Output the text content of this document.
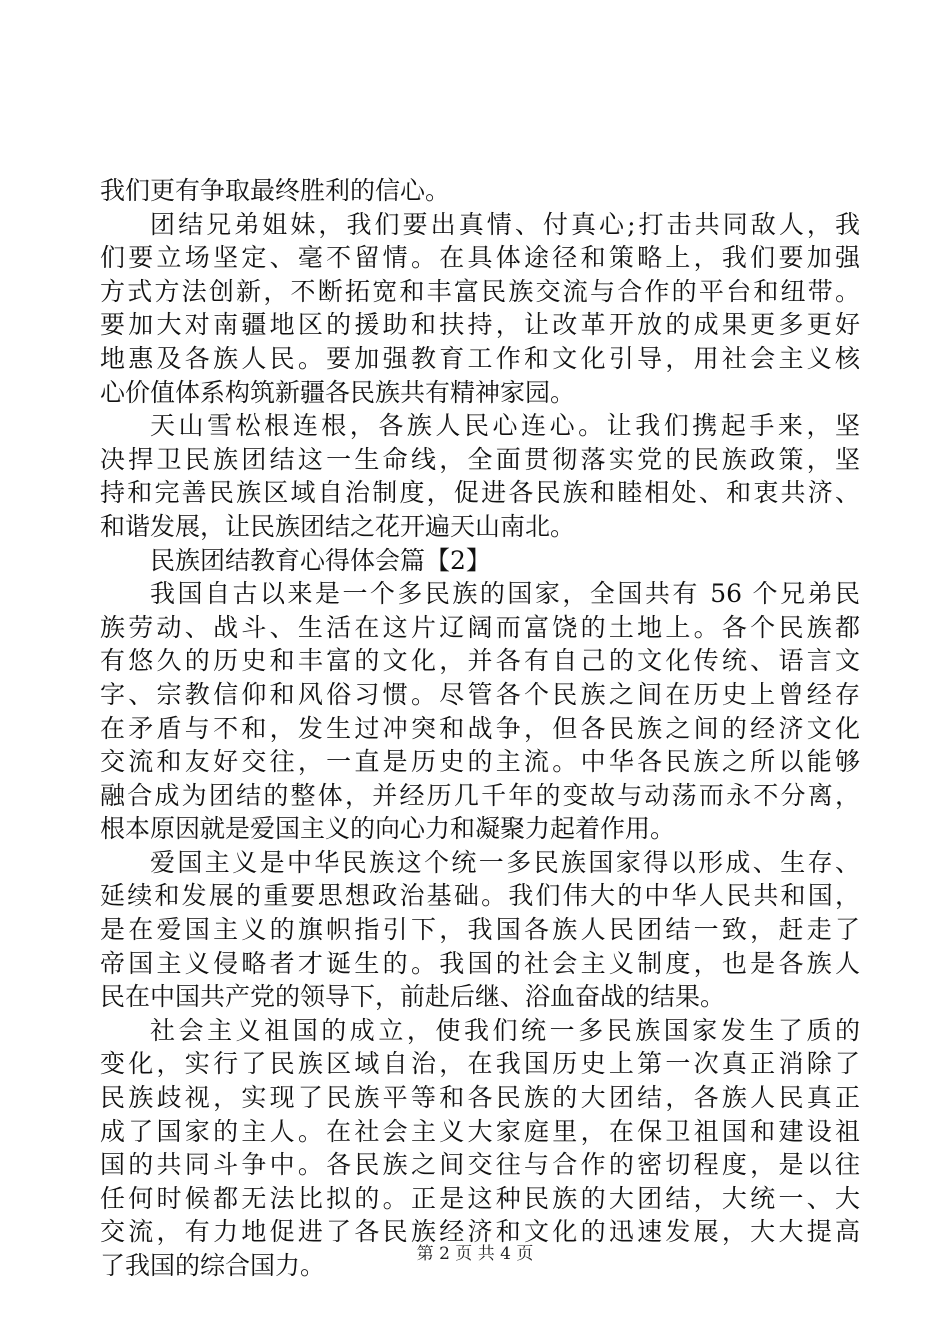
我们更有争取最终胜利的信心。
团结兄弟姐妹，我们要出真情、付真心;打击共同敌人，我
们要立场坚定、毫不留情。在具体途径和策略上，我们要加强
方式方法创新，不断拓宽和丰富民族交流与合作的平台和纽带。
要加大对南疆地区的援助和扶持，让改革开放的成果更多更好
地惠及各族人民。要加强教育工作和文化引导，用社会主义核
心价值体系构筑新疆各民族共有精神家园。
天山雪松根连根，各族人民心连心。让我们携起手来，坚
决捍卫民族团结这一生命线，全面贯彻落实党的民族政策，坚
持和完善民族区域自治制度，促进各民族和睦相处、和衷共济、
和谐发展，让民族团结之花开遍天山南北。
民族团结教育心得体会篇【2】
我国自古以来是一个多民族的国家，全国共有 56 个兄弟民
族劳动、战斗、生活在这片辽阔而富饶的土地上。各个民族都
有悠久的历史和丰富的文化，并各有自己的文化传统、语言文
字、宗教信仰和风俗习惯。尽管各个民族之间在历史上曾经存
在矛盾与不和，发生过冲突和战争，但各民族之间的经济文化
交流和友好交往，一直是历史的主流。中华各民族之所以能够
融合成为团结的整体，并经历几千年的变故与动荡而永不分离，
根本原因就是爱国主义的向心力和凝聚力起着作用。
爱国主义是中华民族这个统一多民族国家得以形成、生存、
延续和发展的重要思想政治基础。我们伟大的中华人民共和国，
是在爱国主义的旗帜指引下，我国各族人民团结一致，赶走了
帝国主义侵略者才诞生的。我国的社会主义制度，也是各族人
民在中国共产党的领导下，前赴后继、浴血奋战的结果。
社会主义祖国的成立，使我们统一多民族国家发生了质的
变化，实行了民族区域自治，在我国历史上第一次真正消除了
民族歧视，实现了民族平等和各民族的大团结，各族人民真正
成了国家的主人。在社会主义大家庭里，在保卫祖国和建设祖
国的共同斗争中。各民族之间交往与合作的密切程度，是以往
任何时候都无法比拟的。正是这种民族的大团结，大统一、大
交流，有力地促进了各民族经济和文化的迅速发展，大大提高
了我国的综合国力。	第 2 页 共 4 页
